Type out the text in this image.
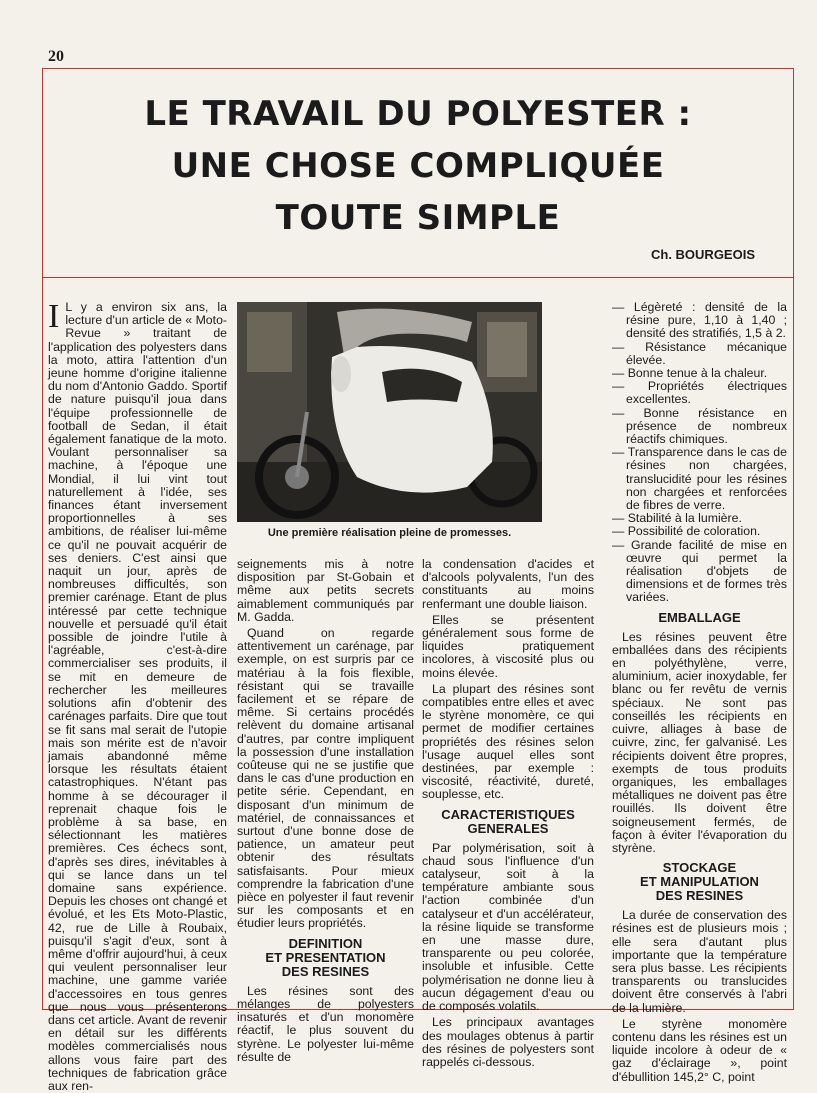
20
LE TRAVAIL DU POLYESTER :
UNE CHOSE COMPLIQUÉE
TOUTE SIMPLE
Ch. BOURGEOIS

I L y a environ six ans, la lecture d'un article de « Moto-Revue » traitant de l'application des polyesters dans la moto, attira l'attention d'un jeune homme d'origine italienne du nom d'Antonio Gaddo. Sportif de nature puisqu'il joua dans l'équipe professionnelle de football de Sedan, il était également fanatique de la moto. Voulant personnaliser sa machine, à l'époque une Mondial, il lui vint tout naturellement à l'idée, ses finances étant inversement proportionnelles à ses ambitions, de réaliser lui-même ce qu'il ne pouvait acquérir de ses deniers. C'est ainsi que naquit un jour, après de nombreuses difficultés, son premier carénage. Etant de plus intéressé par cette technique nouvelle et persuadé qu'il était possible de joindre l'utile à l'agréable, c'est-à-dire commercialiser ses produits, il se mit en demeure de rechercher les meilleures solutions afin d'obtenir des carénages parfaits. Dire que tout se fit sans mal serait de l'utopie mais son mérite est de n'avoir jamais abandonné même lorsque les résultats étaient catastrophiques. N'étant pas homme à se décourager il reprenait chaque fois le problème à sa base, en sélectionnant les matières premières. Ces échecs sont, d'après ses dires, inévitables à qui se lance dans un tel domaine sans expérience. Depuis les choses ont changé et évolué, et les Ets Moto-Plastic, 42, rue de Lille à Roubaix, puisqu'il s'agit d'eux, sont à même d'offrir aujourd'hui, à ceux qui veulent personnaliser leur machine, une gamme variée d'accessoires en tous genres que nous vous présenterons dans cet article. Avant de revenir en détail sur les différents modèles commercialisés nous allons vous faire part des techniques de fabrication grâce aux ren-

Une première réalisation pleine de promesses.

seignements mis à notre disposition par St-Gobain et même aux petits secrets aimablement communiqués par M. Gadda.

Quand on regarde attentivement un carénage, par exemple, on est surpris par ce matériau à la fois flexible, résistant qui se travaille facilement et se répare de même. Si certains procédés relèvent du domaine artisanal d'autres, par contre impliquent la possession d'une installation coûteuse qui ne se justifie que dans le cas d'une production en petite série. Cependant, en disposant d'un minimum de matériel, de connaissances et surtout d'une bonne dose de patience, un amateur peut obtenir des résultats satisfaisants. Pour mieux comprendre la fabrication d'une pièce en polyester il faut revenir sur les composants et en étudier leurs propriétés.

DEFINITION
ET PRESENTATION
DES RESINES

Les résines sont des mélanges de polyesters insaturés et d'un monomère réactif, le plus souvent du styrène. Le polyester lui-même résulte de

la condensation d'acides et d'alcools polyvalents, l'un des constituants au moins renfermant une double liaison.

Elles se présentent généralement sous forme de liquides pratiquement incolores, à viscosité plus ou moins élevée.

La plupart des résines sont compatibles entre elles et avec le styrène monomère, ce qui permet de modifier certaines propriétés des résines selon l'usage auquel elles sont destinées, par exemple : viscosité, réactivité, dureté, souplesse, etc.

CARACTERISTIQUES
GENERALES

Par polymérisation, soit à chaud sous l'influence d'un catalyseur, soit à la température ambiante sous l'action combinée d'un catalyseur et d'un accélérateur, la résine liquide se transforme en une masse dure, transparente ou peu colorée, insoluble et infusible. Cette polymérisation ne donne lieu à aucun dégagement d'eau ou de composés volatils.

Les principaux avantages des moulages obtenus à partir des résines de polyesters sont rappelés ci-dessous.

— Légèreté : densité de la résine pure, 1,10 à 1,40 ; densité des stratifiés, 1,5 à 2.
— Résistance mécanique élevée.
— Bonne tenue à la chaleur.
— Propriétés électriques excellentes.
— Bonne résistance en présence de nombreux réactifs chimiques.
— Transparence dans le cas de résines non chargées, translucidité pour les résines non chargées et renforcées de fibres de verre.
— Stabilité à la lumière.
— Possibilité de coloration.
— Grande facilité de mise en œuvre qui permet la réalisation d'objets de dimensions et de formes très variées.
EMBALLAGE

Les résines peuvent être emballées dans des récipients en polyéthylène, verre, aluminium, acier inoxydable, fer blanc ou fer revêtu de vernis spéciaux. Ne sont pas conseillés les récipients en cuivre, alliages à base de cuivre, zinc, fer galvanisé. Les récipients doivent être propres, exempts de tous produits organiques, les emballages métalliques ne doivent pas être rouillés. Ils doivent être soigneusement fermés, de façon à éviter l'évaporation du styrène.

STOCKAGE
ET MANIPULATION
DES RESINES

La durée de conservation des résines est de plusieurs mois ; elle sera d'autant plus importante que la température sera plus basse. Les récipients transparents ou translucides doivent être conservés à l'abri de la lumière.

Le styrène monomère contenu dans les résines est un liquide incolore à odeur de « gaz d'éclairage », point d'ébullition 145,2° C, point
